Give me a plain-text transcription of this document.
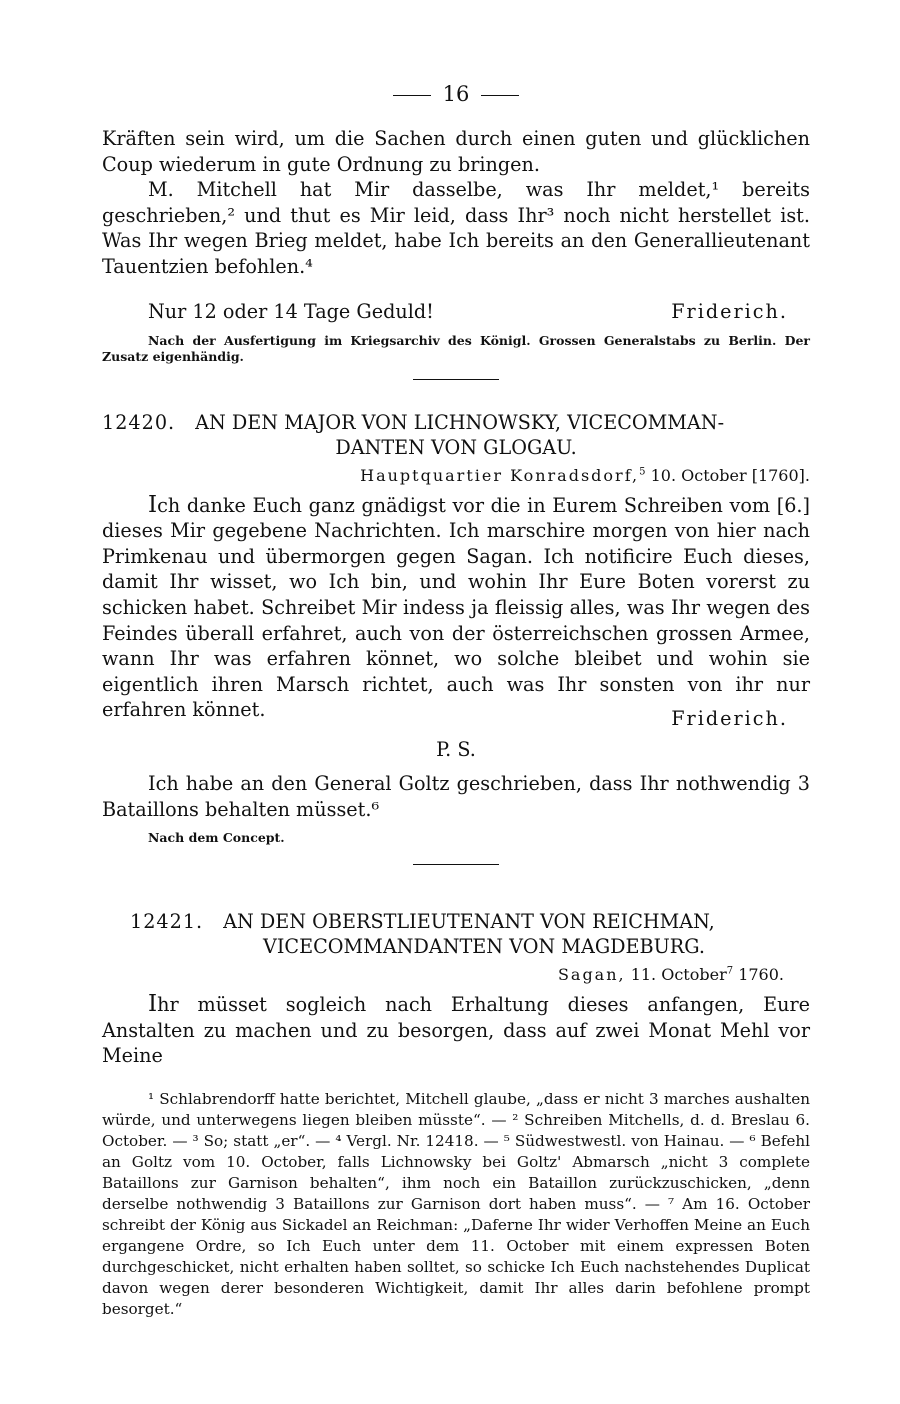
16

Kräften sein wird, um die Sachen durch einen guten und glücklichen Coup wiederum in gute Ordnung zu bringen.

M. Mitchell hat Mir dasselbe, was Ihr meldet,¹ bereits geschrieben,² und thut es Mir leid, dass Ihr³ noch nicht herstellet ist. Was Ihr wegen Brieg meldet, habe Ich bereits an den Generallieutenant Tauentzien befohlen.⁴

Nur 12 oder 14 Tage Geduld!	Friderich.

Nach der Ausfertigung im Kriegsarchiv des Königl. Grossen Generalstabs zu Berlin. Der Zusatz eigenhändig.

12420. AN DEN MAJOR VON LICHNOWSKY, VICECOMMAN-
DANTEN VON GLOGAU.
Hauptquartier Konradsdorf,$^5$ 10. October [1760].

Ich danke Euch ganz gnädigst vor die in Eurem Schreiben vom [6.] dieses Mir gegebene Nachrichten. Ich marschire morgen von hier nach Primkenau und übermorgen gegen Sagan. Ich notificire Euch dieses, damit Ihr wisset, wo Ich bin, und wohin Ihr Eure Boten vorerst zu schicken habet. Schreibet Mir indess ja fleissig alles, was Ihr wegen des Feindes überall erfahret, auch von der österreichschen grossen Armee, wann Ihr was erfahren könnet, wo solche bleibet und wohin sie eigentlich ihren Marsch richtet, auch was Ihr sonsten von ihr nur erfahren könnet.	Friderich.
P. S.

Ich habe an den General Goltz geschrieben, dass Ihr nothwendig 3 Bataillons behalten müsset.⁶

Nach dem Concept.

12421. AN DEN OBERSTLIEUTENANT VON REICHMAN,
VICECOMMANDANTEN VON MAGDEBURG.
Sagan, 11. October$^7$ 1760.

Ihr müsset sogleich nach Erhaltung dieses anfangen, Eure Anstalten zu machen und zu besorgen, dass auf zwei Monat Mehl vor Meine

¹ Schlabrendorff hatte berichtet, Mitchell glaube, „dass er nicht 3 marches aushalten würde, und unterwegens liegen bleiben müsste“. — ² Schreiben Mitchells, d. d. Breslau 6. October. — ³ So; statt „er“. — ⁴ Vergl. Nr. 12418. — ⁵ Südwestwestl. von Hainau. — ⁶ Befehl an Goltz vom 10. October, falls Lichnowsky bei Goltz' Abmarsch „nicht 3 complete Bataillons zur Garnison behalten“, ihm noch ein Bataillon zurückzuschicken, „denn derselbe nothwendig 3 Bataillons zur Garnison dort haben muss“. — ⁷ Am 16. October schreibt der König aus Sickadel an Reichman: „Daferne Ihr wider Verhoffen Meine an Euch ergangene Ordre, so Ich Euch unter dem 11. October mit einem expressen Boten durchgeschicket, nicht erhalten haben solltet, so schicke Ich Euch nachstehendes Duplicat davon wegen derer besonderen Wichtigkeit, damit Ihr alles darin befohlene prompt besorget.“
